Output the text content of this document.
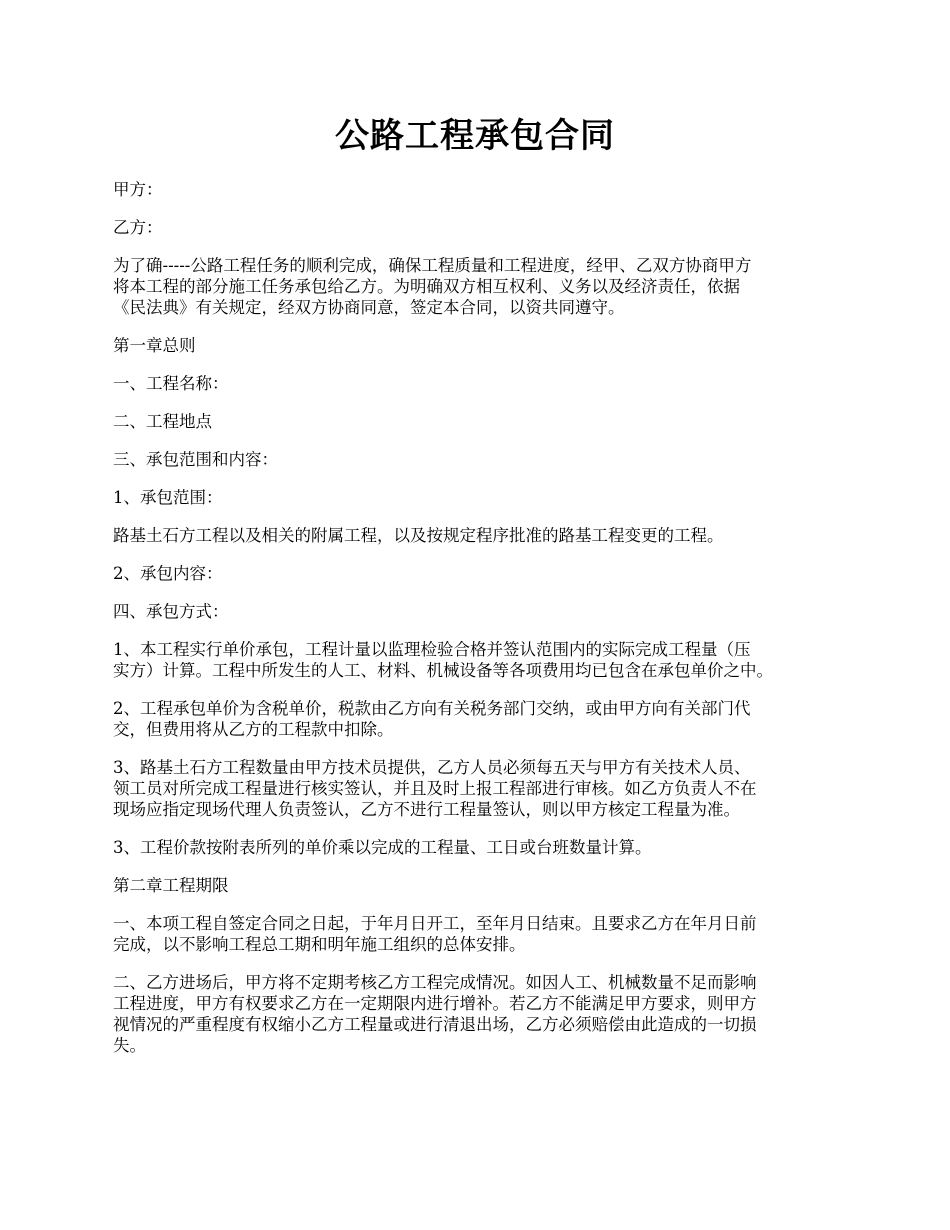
公路工程承包合同

甲方：

乙方：

为了确-----公路工程任务的顺利完成，确保工程质量和工程进度，经甲、乙双方协商甲方
将本工程的部分施工任务承包给乙方。为明确双方相互权利、义务以及经济责任，依据
《民法典》有关规定，经双方协商同意，签定本合同，以资共同遵守。

第一章总则

一、工程名称：

二、工程地点

三、承包范围和内容：

1、承包范围：

路基土石方工程以及相关的附属工程，以及按规定程序批准的路基工程变更的工程。

2、承包内容：

四、承包方式：

1、本工程实行单价承包，工程计量以监理检验合格并签认范围内的实际完成工程量（压
实方）计算。工程中所发生的人工、材料、机械设备等各项费用均已包含在承包单价之中。

2、工程承包单价为含税单价，税款由乙方向有关税务部门交纳，或由甲方向有关部门代
交，但费用将从乙方的工程款中扣除。

3、路基土石方工程数量由甲方技术员提供，乙方人员必须每五天与甲方有关技术人员、
领工员对所完成工程量进行核实签认，并且及时上报工程部进行审核。如乙方负责人不在
现场应指定现场代理人负责签认，乙方不进行工程量签认，则以甲方核定工程量为准。

3、工程价款按附表所列的单价乘以完成的工程量、工日或台班数量计算。

第二章工程期限

一、本项工程自签定合同之日起，于年月日开工，至年月日结束。且要求乙方在年月日前
完成，以不影响工程总工期和明年施工组织的总体安排。

二、乙方进场后，甲方将不定期考核乙方工程完成情况。如因人工、机械数量不足而影响
工程进度，甲方有权要求乙方在一定期限内进行增补。若乙方不能满足甲方要求，则甲方
视情况的严重程度有权缩小乙方工程量或进行清退出场，乙方必须赔偿由此造成的一切损
失。
